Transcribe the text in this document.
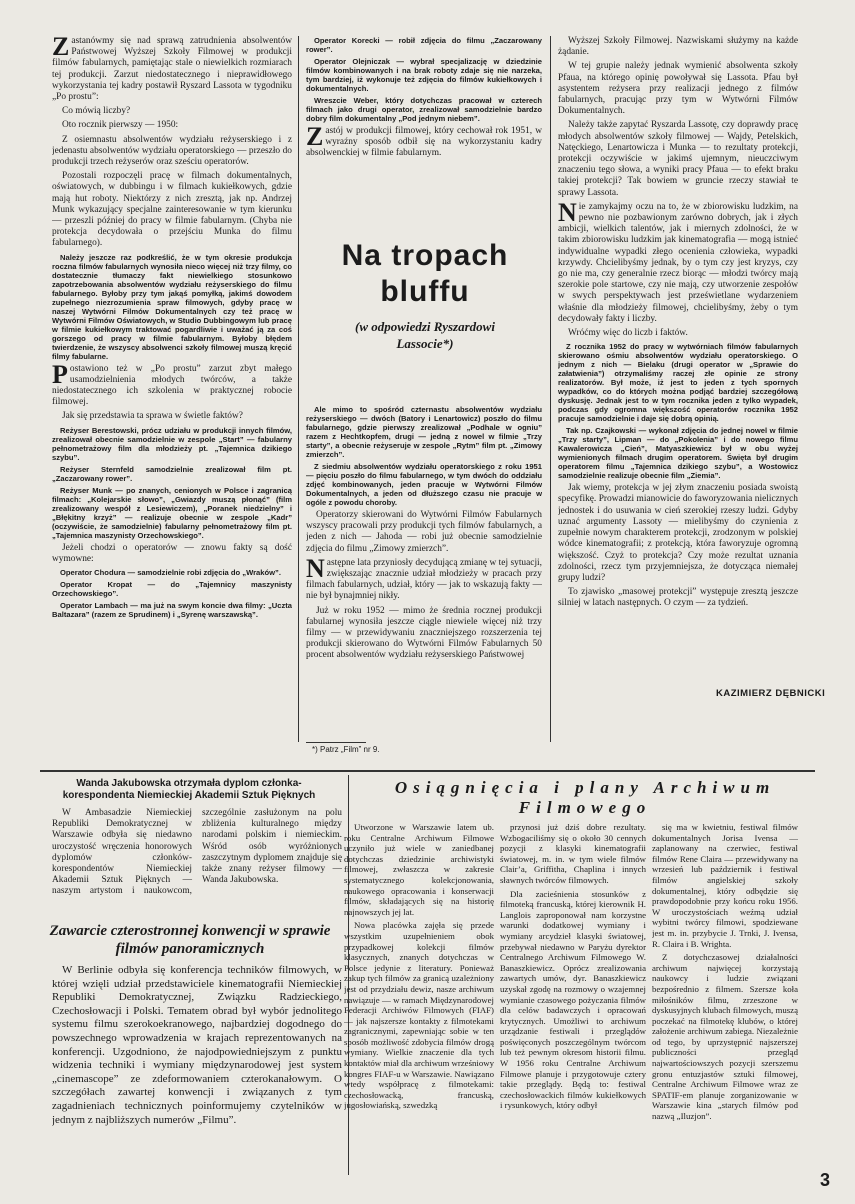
Zastanówmy się nad sprawą zatrudnienia absolwentów Państwowej Wyższej Szkoły Filmowej w produkcji filmów fabularnych, pamiętając stale o niewielkich rozmiarach tej produkcji. Zarzut niedostatecznego i nieprawidłowego wykorzystania tej kadry postawił Ryszard Lassota w tygodniku „Po prostu”:

Co mówią liczby?

Oto rocznik pierwszy — 1950:

Z osiemnastu absolwentów wydziału reżyserskiego i z jedenastu absolwentów wydziału operatorskiego — przeszło do produkcji trzech reżyserów oraz sześciu operatorów.

Pozostali rozpoczęli pracę w filmach dokumentalnych, oświatowych, w dubbingu i w filmach kukiełkowych, gdzie mają hut roboty. Niektórzy z nich zresztą, jak np. Andrzej Munk wykazujący specjalne zainteresowanie w tym kierunku — przeszli później do pracy w filmie fabularnym. (Chyba nie protekcja decydowała o przejściu Munka do filmu fabularnego).

Należy jeszcze raz podkreślić, że w tym okresie produkcja roczna filmów fabularnych wynosiła nieco więcej niż trzy filmy, co dostatecznie tłumaczy fakt niewielkiego stosunkowo zapotrzebowania absolwentów wydziału reżyserskiego do filmu fabularnego. Byłoby przy tym jakąś pomyłką, jakimś dowodem zupełnego niezrozumienia spraw filmowych, gdyby pracę w naszej Wytwórni Filmów Dokumentalnych czy też pracę w Wytwórni Filmów Oświatowych, w Studio Dubbingowym lub pracę w filmie kukiełkowym traktować pogardliwie i uważać ją za coś gorszego od pracy w filmie fabularnym. Byłoby błędem twierdzenie, że wszyscy absolwenci szkoły filmowej muszą kręcić filmy fabularne.

Postawiono też w „Po prostu” zarzut zbyt małego usamodzielnienia młodych twórców, a także niedostatecznego ich szkolenia w praktycznej robocie filmowej.

Jak się przedstawia ta sprawa w świetle faktów?

Reżyser Berestowski, prócz udziału w produkcji innych filmów, zrealizował obecnie samodzielnie w zespole „Start” — fabularny pełnometrażowy film dla młodzieży pt. „Tajemnica dzikiego szybu”.

Reżyser Sternfeld samodzielnie zrealizował film pt. „Zaczarowany rower”.

Reżyser Munk — po znanych, cenionych w Polsce i zagranicą filmach: „Kolejarskie słowo”, „Gwiazdy muszą płonąć” (film zrealizowany wespół z Lesiewiczem), „Poranek niedzielny” i „Błękitny krzyż” — realizuje obecnie w zespole „Kadr” (oczywiście, że samodzielnie) fabularny pełnometrażowy film pt. „Tajemnica maszynisty Orzechowskiego”.

Jeżeli chodzi o operatorów — znowu fakty są dość wymowne:

Operator Chodura — samodzielnie robi zdjęcia do „Wraków”.

Operator Kropat — do „Tajemnicy maszynisty Orzechowskiego”.

Operator Lambach — ma już na swym koncie dwa filmy: „Uczta Baltazara” (razem ze Sprudinem) i „Syrenę warszawską”.

Operator Korecki — robił zdjęcia do filmu „Zaczarowany rower”.

Operator Olejniczak — wybrał specjalizację w dziedzinie filmów kombinowanych i na brak roboty zdaje się nie narzeka, tym bardziej, iż wykonuje też zdjęcia do filmów kukiełkowych i dokumentalnych.

Wreszcie Weber, który dotychczas pracował w czterech filmach jako drugi operator, zrealizował samodzielnie bardzo dobry film dokumentalny „Pod jednym niebem”.

Zastój w produkcji filmowej, który cechował rok 1951, w wyraźny sposób odbił się na wykorzystaniu kadry absolwenckiej w filmie fabularnym.

Na tropach bluffu
(w odpowiedzi Ryszardowi Lassocie*)

Ale mimo to spośród czternastu absolwentów wydziału reżyserskiego — dwóch (Batory i Lenartowicz) poszło do filmu fabularnego, gdzie pierwszy zrealizował „Podhale w ogniu” razem z Hechtkopfem, drugi — jedną z nowel w filmie „Trzy starty”, a obecnie reżyseruje w zespole „Rytm” film pt. „Zimowy zmierzch”.

Z siedmiu absolwentów wydziału operatorskiego z roku 1951 — pięciu poszło do filmu fabularnego, w tym dwóch do oddziału zdjęć kombinowanych, jeden pracuje w Wytwórni Filmów Dokumentalnych, a jeden od dłuższego czasu nie pracuje w ogóle z powodu choroby.

Operatorzy skierowani do Wytwórni Filmów Fabularnych wszyscy pracowali przy produkcji tych filmów fabularnych, a jeden z nich — Jahoda — robi już obecnie samodzielnie zdjęcia do filmu „Zimowy zmierzch”.

Następne lata przyniosły decydującą zmianę w tej sytuacji, zwiększając znacznie udział młodzieży w pracach przy filmach fabularnych, udział, który — jak to wskazują fakty — nie był bynajmniej nikły.

Już w roku 1952 — mimo że średnia rocznej produkcji fabularnej wynosiła jeszcze ciągle niewiele więcej niż trzy filmy — w przewidywaniu znaczniejszego rozszerzenia tej produkcji skierowano do Wytwórni Filmów Fabularnych 50 procent absolwentów wydziału reżyserskiego Państwowej

*) Patrz „Film” nr 9.

Wyższej Szkoły Filmowej. Nazwiskami służymy na każde żądanie.

W tej grupie należy jednak wymienić absolwenta szkoły Pfaua, na którego opinię powoływał się Lassota. Pfau był asystentem reżysera przy realizacji jednego z filmów fabularnych, pracując przy tym w Wytwórni Filmów Dokumentalnych.

Należy także zapytać Ryszarda Lassotę, czy doprawdy pracę młodych absolwentów szkoły filmowej — Wajdy, Petelskich, Natęckiego, Lenartowicza i Munka — to rezultaty protekcji, protekcji oczywiście w jakimś ujemnym, nieuczciwym znaczeniu tego słowa, a wyniki pracy Pfaua — to efekt braku takiej protekcji? Tak bowiem w gruncie rzeczy stawiał te sprawy Lassota.

Nie zamykajmy oczu na to, że w zbiorowisku ludzkim, na pewno nie pozbawionym zarówno dobrych, jak i złych ambicji, wielkich talentów, jak i miernych zdolności, że w takim zbiorowisku ludzkim jak kinematografia — mogą istnieć indywidualne wypadki złego ocenienia człowieka, wypadki krzywdy. Chcielibyśmy jednak, by o tym czy jest kryzys, czy go nie ma, czy generalnie rzecz biorąc — młodzi twórcy mają szerokie pole startowe, czy nie mają, czy utworzenie zespołów w swych perspektywach jest prześwietlane wydarzeniem właśnie dla młodzieży filmowej, chcielibyśmy, żeby o tym decydowały fakty i liczby.

Wróćmy więc do liczb i faktów.

Z rocznika 1952 do pracy w wytwórniach filmów fabularnych skierowano ośmiu absolwentów wydziału operatorskiego. O jednym z nich — Bielaku (drugi operator w „Sprawie do załatwienia”) otrzymaliśmy raczej złe opinie ze strony realizatorów. Był może, iż jest to jeden z tych spornych wypadków, co do których można podjąć bardziej szczegółową dyskusję. Jednak jest to w tym rocznika jeden z tylko wypadek, podczas gdy ogromna większość operatorów rocznika 1952 pracuje samodzielnie i daje się dobrą opinią.

Tak np. Czajkowski — wykonał zdjęcia do jednej nowel w filmie „Trzy starty”, Lipman — do „Pokolenia” i do nowego filmu Kawalerowicza „Cień”, Matyaszkiewicz był w obu wyżej wymienionych filmach drugim operatorem. Święta był drugim operatorem filmu „Tajemnica dzikiego szybu”, a Wostowicz samodzielnie realizuje obecnie film „Ziemia”.

Jak wiemy, protekcja w jej złym znaczeniu posiada swoistą specyfikę. Prowadzi mianowicie do faworyzowania nielicznych jednostek i do usuwania w cień szerokiej rzeszy ludzi. Gdyby uznać argumenty Lassoty — mielibyśmy do czynienia z zupełnie nowym charakterem protekcji, zrodzonym w polskiej wódce kinematografii; z protekcją, która faworyzuje ogromną większość. Czyż to protekcja? Czy może rezultat uznania zdolności, rzecz tym przyjemniejsza, że dotycząca niemałej grupy ludzi?

To zjawisko „masowej protekcji” występuje zresztą jeszcze silniej w latach następnych. O czym — za tydzień.

KAZIMIERZ DĘBNICKI
Wanda Jakubowska otrzymała dyplom członka-korespondenta Niemieckiej Akademii Sztuk Pięknych

W Ambasadzie Niemieckiej Republiki Demokratycznej w Warszawie odbyła się niedawno uroczystość wręczenia honorowych dyplomów członków-korespondentów Niemieckiej Akademii Sztuk Pięknych — naszym artystom i naukowcom, szczególnie zasłużonym na polu zbliżenia kulturalnego między narodami polskim i niemieckim. Wśród osób wyróżnionych zaszczytnym dyplomem znajduje się także znany reżyser filmowy — Wanda Jakubowska.

Zawarcie czterostronnej konwencji w sprawie filmów panoramicznych

W Berlinie odbyła się konferencja techników filmowych, w której wzięli udział przedstawiciele kinematografii Niemieckiej Republiki Demokratycznej, Związku Radzieckiego, Czechosłowacji i Polski. Tematem obrad był wybór jednolitego systemu filmu szerokoekranowego, najbardziej dogodnego do powszechnego wprowadzenia w krajach reprezentowanych na konferencji. Uzgodniono, że najodpowiedniejszym z punktu widzenia techniki i wymiany międzynarodowej jest system „cinemascope” ze zdeformowaniem czterokanałowym. O szczegółach zawartej konwencji i związanych z tym zagadnieniach technicznych poinformujemy czytelników w jednym z najbliższych numerów „Filmu”.

Osiągnięcia i plany Archiwum Filmowego

Utworzone w Warszawie latem ub. roku Centralne Archiwum Filmowe uczyniło już wiele w zaniedbanej dotychczas dziedzinie archiwistyki filmowej, zwłaszcza w zakresie systematycznego kolekcjonowania, naukowego opracowania i konserwacji filmów, składających się na historię najnowszych jej lat.

Nowa placówka zajęła się przede wszystkim uzupełnieniem obok przypadkowej kolekcji filmów klasycznych, znanych dotychczas w Polsce jedynie z literatury. Ponieważ zakup tych filmów za granicą uzależniony jest od przydziału dewiz, nasze archiwum nawiązuje — w ramach Międzynarodowej Federacji Archiwów Filmowych (FIAF) — jak najszersze kontakty z filmotekami zagranicznymi, zapewniając sobie w ten sposób możliwość zdobycia filmów drogą wymiany. Wielkie znaczenie dla tych kontaktów miał dla archiwum wrześniowy kongres FIAF-u w Warszawie. Nawiązano wtedy współpracę z filmotekami: czechosłowacką, francuską, jugosłowiańską, szwedzką

przynosi już dziś dobre rezultaty. Wzbogaciliśmy się o około 30 cennych pozycji z klasyki kinematografii światowej, m. in. w tym wiele filmów Clair’a, Griffitha, Chaplina i innych sławnych twórców filmowych.

Dla zacieśnienia stosunków z filmoteką francuską, której kierownik H. Langlois zaproponował nam korzystne warunki dodatkowej wymiany i wymiany arcydzieł klasyki światowej, przebywał niedawno w Paryżu dyrektor Centralnego Archiwum Filmowego W. Banaszkiewicz. Oprócz zrealizowania zawartych umów, dyr. Banaszkiewicz uzyskał zgodę na rozmowy o wzajemnej wymianie czasowego pożyczania filmów dla celów badawczych i opracowań krytycznych. Umożliwi to archiwum urządzanie festiwali i przeglądów poświęconych poszczególnym twórcom lub też pewnym okresom historii filmu. W 1956 roku Centralne Archiwum Filmowe planuje i przygotowuje cztery takie przeglądy. Będą to: festiwal czechosłowackich filmów kukiełkowych i rysunkowych, który odbył

się ma w kwietniu, festiwal filmów dokumentalnych Jorisa Ivensa — zaplanowany na czerwiec, festiwal filmów Rene Claira — przewidywany na wrzesień lub październik i festiwal filmów angielskiej szkoły dokumentalnej, który odbędzie się prawdopodobnie przy końcu roku 1956. W uroczystościach weźmą udział wybitni twórcy filmowi, spodziewane jest m. in. przybycie J. Trnki, J. Ivensa, R. Claira i B. Wrighta.

Z dotychczasowej działalności archiwum najwięcej korzystają naukowcy i ludzie związani bezpośrednio z filmem. Szersze koła miłośników filmu, zrzeszone w dyskusyjnych klubach filmowych, muszą poczekać na filmotekę klubów, o której założenie archiwum zabiega. Niezależnie od tego, by uprzystępnić najszerszej publiczności przegląd najwartościowszych pozycji szerszemu gronu entuzjastów sztuki filmowej, Centralne Archiwum Filmowe wraz ze SPATIF-em planuje zorganizowanie w Warszawie kina „starych filmów pod nazwą „Iluzjon”.

3
